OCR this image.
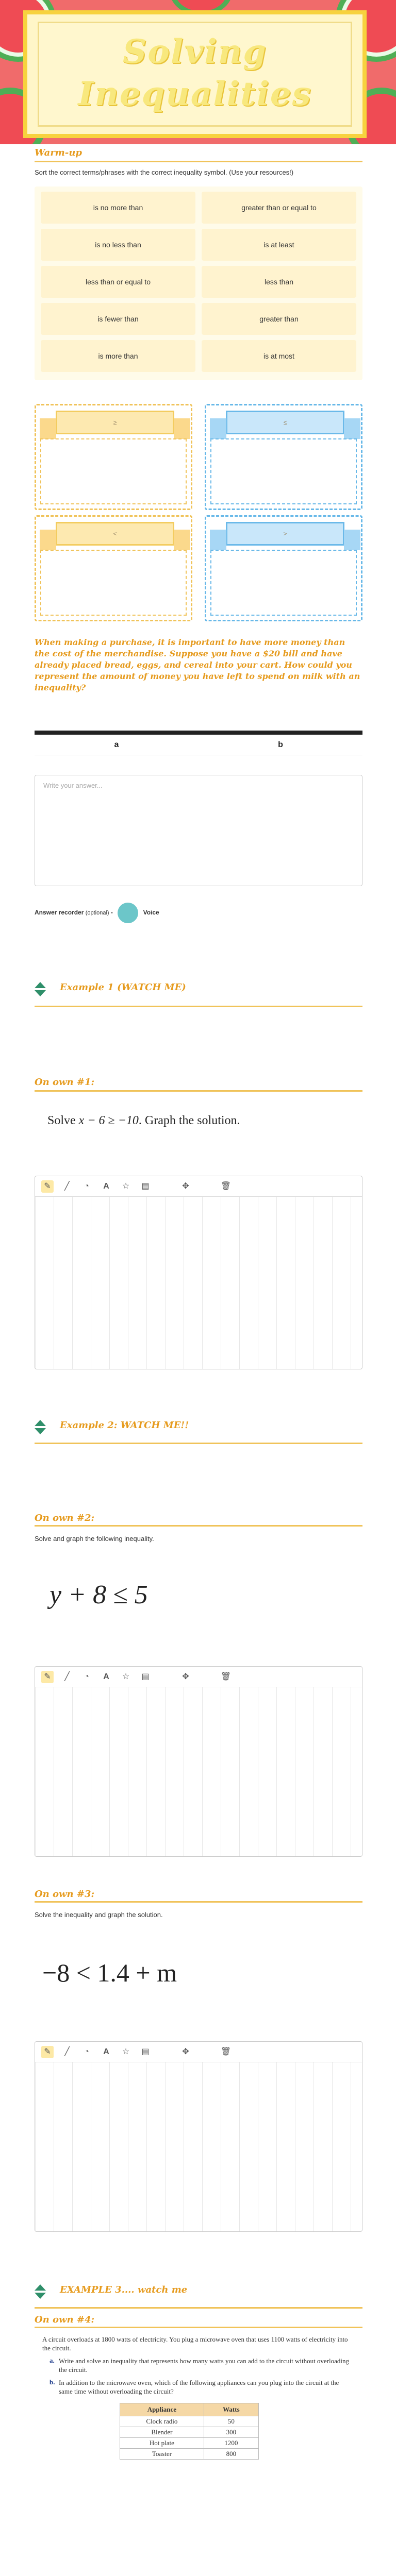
Solving
Inequalities
Warm-up
Sort the correct terms/phrases with the correct inequality symbol. (Use your resources!)
is no more than	greater than or equal to
is no less than	is at least
less than or equal to	less than
is fewer than	greater than
is more than	is at most
≥	≤
<	>
When making a purchase, it is important to have more money than the cost of the merchandise. Suppose you have a $20 bill and have already placed bread, eggs, and cereal into your cart. How could you represent the amount of money you have left to spend on milk with an inequality?
a	b
Write your answer...
Answer recorder (optional) -	Voice
Example 1 (WATCH ME)
On own #1:
Solve x − 6 ≥ −10. Graph the solution.
✎	╱	◔	A	☆	▤	✥	🗑
Example 2: WATCH ME!!
On own #2:
Solve and graph the following inequality.
y + 8 ≤ 5
✎	╱	◔	A	☆	▤	✥	🗑
On own #3:
Solve the inequality and graph the solution.
−8 < 1.4 + m
✎	╱	◔	A	☆	▤	✥	🗑
EXAMPLE 3.... watch me
On own #4:
A circuit overloads at 1800 watts of electricity. You plug a microwave oven that uses 1100 watts of electricity into the circuit.
a. Write and solve an inequality that represents how many watts you can add to the circuit without overloading the circuit.
b. In addition to the microwave oven, which of the following appliances can you plug into the circuit at the same time without overloading the circuit?
Appliance	Watts
Clock radio	50
Blender	300
Hot plate	1200
Toaster	800
